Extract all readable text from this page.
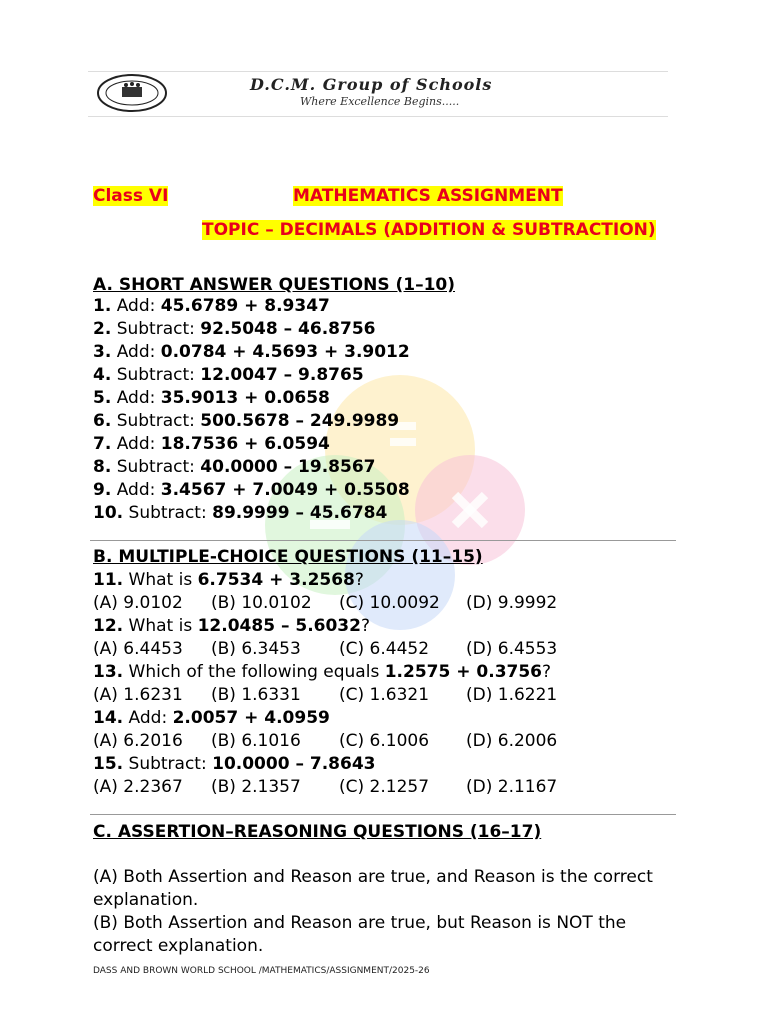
D.C.M. Group of Schools
Where Excellence Begins.....
Class VI	MATHEMATICS ASSIGNMENT
TOPIC – DECIMALS (ADDITION & SUBTRACTION)
A. SHORT ANSWER QUESTIONS (1–10)
1. Add: 45.6789 + 8.9347
2. Subtract: 92.5048 – 46.8756
3. Add: 0.0784 + 4.5693 + 3.9012
4. Subtract: 12.0047 – 9.8765
5. Add: 35.9013 + 0.0658
6. Subtract: 500.5678 – 249.9989
7. Add: 18.7536 + 6.0594
8. Subtract: 40.0000 – 19.8567
9. Add: 3.4567 + 7.0049 + 0.5508
10. Subtract: 89.9999 – 45.6784
B. MULTIPLE-CHOICE QUESTIONS (11–15)
11. What is 6.7534 + 3.2568?
(A) 9.0102 (B) 10.0102 (C) 10.0092 (D) 9.9992
12. What is 12.0485 – 5.6032?
(A) 6.4453 (B) 6.3453 (C) 6.4452 (D) 6.4553
13. Which of the following equals 1.2575 + 0.3756?
(A) 1.6231 (B) 1.6331 (C) 1.6321 (D) 1.6221
14. Add: 2.0057 + 4.0959
(A) 6.2016 (B) 6.1016 (C) 6.1006 (D) 6.2006
15. Subtract: 10.0000 – 7.8643
(A) 2.2367 (B) 2.1357 (C) 2.1257 (D) 2.1167
C. ASSERTION–REASONING QUESTIONS (16–17)
(A) Both Assertion and Reason are true, and Reason is the correct explanation.
(B) Both Assertion and Reason are true, but Reason is NOT the correct explanation.
DASS AND BROWN WORLD SCHOOL /MATHEMATICS/ASSIGNMENT/2025-26
